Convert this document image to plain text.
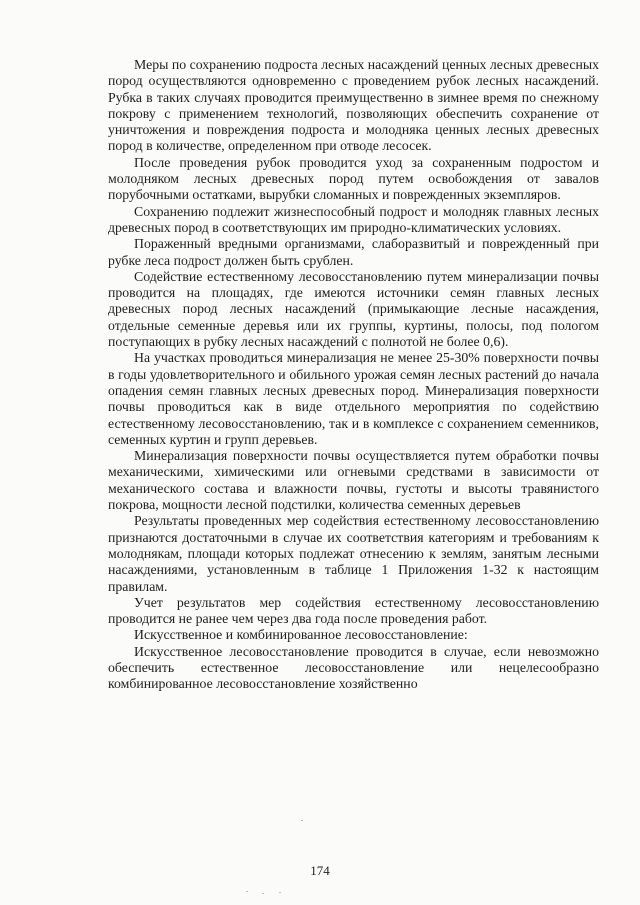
Меры по сохранению подроста лесных насаждений ценных лесных древесных пород осуществляются одновременно с проведением рубок лесных насаждений. Рубка в таких случаях проводится преимущественно в зимнее время по снежному покрову с применением технологий, позволяющих обеспечить сохранение от уничтожения и повреждения подроста и молодняка ценных лесных древесных пород в количестве, определенном при отводе лесосек.

После проведения рубок проводится уход за сохраненным подростом и молодняком лесных древесных пород путем освобождения от завалов порубочными остатками, вырубки сломанных и поврежденных экземпляров.

Сохранению подлежит жизнеспособный подрост и молодняк главных лесных древесных пород в соответствующих им природно-климатических условиях.

Пораженный вредными организмами, слаборазвитый и поврежденный при рубке леса подрост должен быть срублен.

Содействие естественному лесовосстановлению путем минерализации почвы проводится на площадях, где имеются источники семян главных лесных древесных пород лесных насаждений (примыкающие лесные насаждения, отдельные семенные деревья или их группы, куртины, полосы, под пологом поступающих в рубку лесных насаждений с полнотой не более 0,6).

На участках проводиться минерализация не менее 25-30% поверхности почвы в годы удовлетворительного и обильного урожая семян лесных растений до начала опадения семян главных лесных древесных пород. Минерализация поверхности почвы проводиться как в виде отдельного мероприятия по содействию естественному лесовосстановлению, так и в комплексе с сохранением семенников, семенных куртин и групп деревьев.

Минерализация поверхности почвы осуществляется путем обработки почвы механическими, химическими или огневыми средствами в зависимости от механического состава и влажности почвы, густоты и высоты травянистого покрова, мощности лесной подстилки, количества семенных деревьев

Результаты проведенных мер содействия естественному лесовосстановлению признаются достаточными в случае их соответствия категориям и требованиям к молоднякам, площади которых подлежат отнесению к землям, занятым лесными насаждениями, установленным в таблице 1 Приложения 1-32 к настоящим правилам.

Учет результатов мер содействия естественному лесовосстановлению проводится не ранее чем через два года после проведения работ.

Искусственное и комбинированное лесовосстановление:

Искусственное лесовосстановление проводится в случае, если невозможно обеспечить естественное лесовосстановление или нецелесообразно комбинированное лесовосстановление хозяйственно

174
